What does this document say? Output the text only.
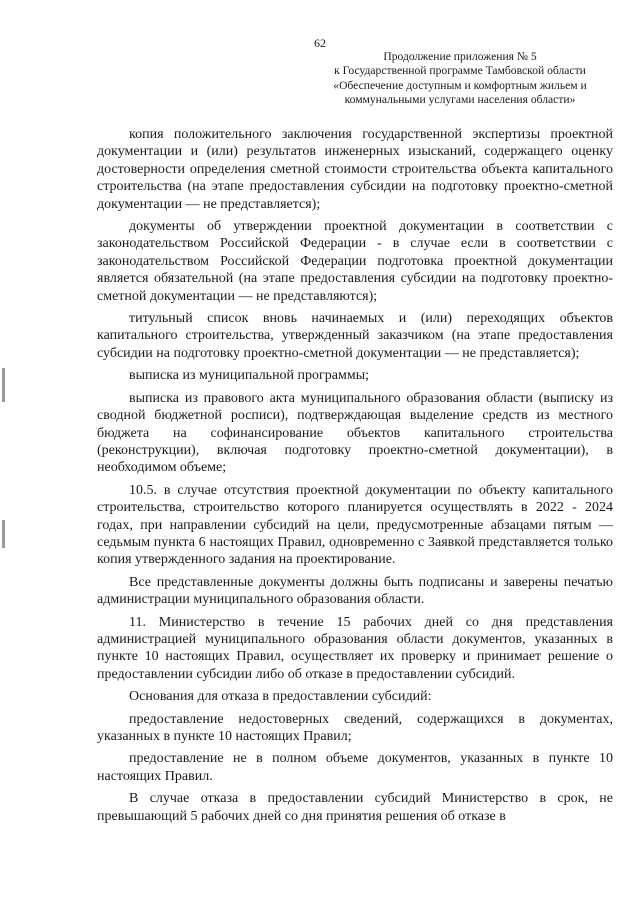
62
Продолжение приложения № 5
к Государственной программе Тамбовской области
«Обеспечение доступным и комфортным жильем и
коммунальными услугами населения области»

копия положительного заключения государственной экспертизы проектной документации и (или) результатов инженерных изысканий, содержащего оценку достоверности определения сметной стоимости строительства объекта капитального строительства (на этапе предоставления субсидии на подготовку проектно-сметной документации — не представляется);

документы об утверждении проектной документации в соответствии с законодательством Российской Федерации - в случае если в соответствии с законодательством Российской Федерации подготовка проектной документации является обязательной (на этапе предоставления субсидии на подготовку проектно-сметной документации — не представляются);

титульный список вновь начинаемых и (или) переходящих объектов капитального строительства, утвержденный заказчиком (на этапе предоставления субсидии на подготовку проектно-сметной документации — не представляется);

выписка из муниципальной программы;

выписка из правового акта муниципального образования области (выписку из сводной бюджетной росписи), подтверждающая выделение средств из местного бюджета на софинансирование объектов капитального строительства (реконструкции), включая подготовку проектно-сметной документации), в необходимом объеме;

10.5. в случае отсутствия проектной документации по объекту капитального строительства, строительство которого планируется осуществлять в 2022 - 2024 годах, при направлении субсидий на цели, предусмотренные абзацами пятым — седьмым пункта 6 настоящих Правил, одновременно с Заявкой представляется только копия утвержденного задания на проектирование.

Все представленные документы должны быть подписаны и заверены печатью администрации муниципального образования области.

11. Министерство в течение 15 рабочих дней со дня представления администрацией муниципального образования области документов, указанных в пункте 10 настоящих Правил, осуществляет их проверку и принимает решение о предоставлении субсидии либо об отказе в предоставлении субсидий.

Основания для отказа в предоставлении субсидий:

предоставление недостоверных сведений, содержащихся в документах, указанных в пункте 10 настоящих Правил;

предоставление не в полном объеме документов, указанных в пункте 10 настоящих Правил.

В случае отказа в предоставлении субсидий Министерство в срок, не превышающий 5 рабочих дней со дня принятия решения об отказе в
